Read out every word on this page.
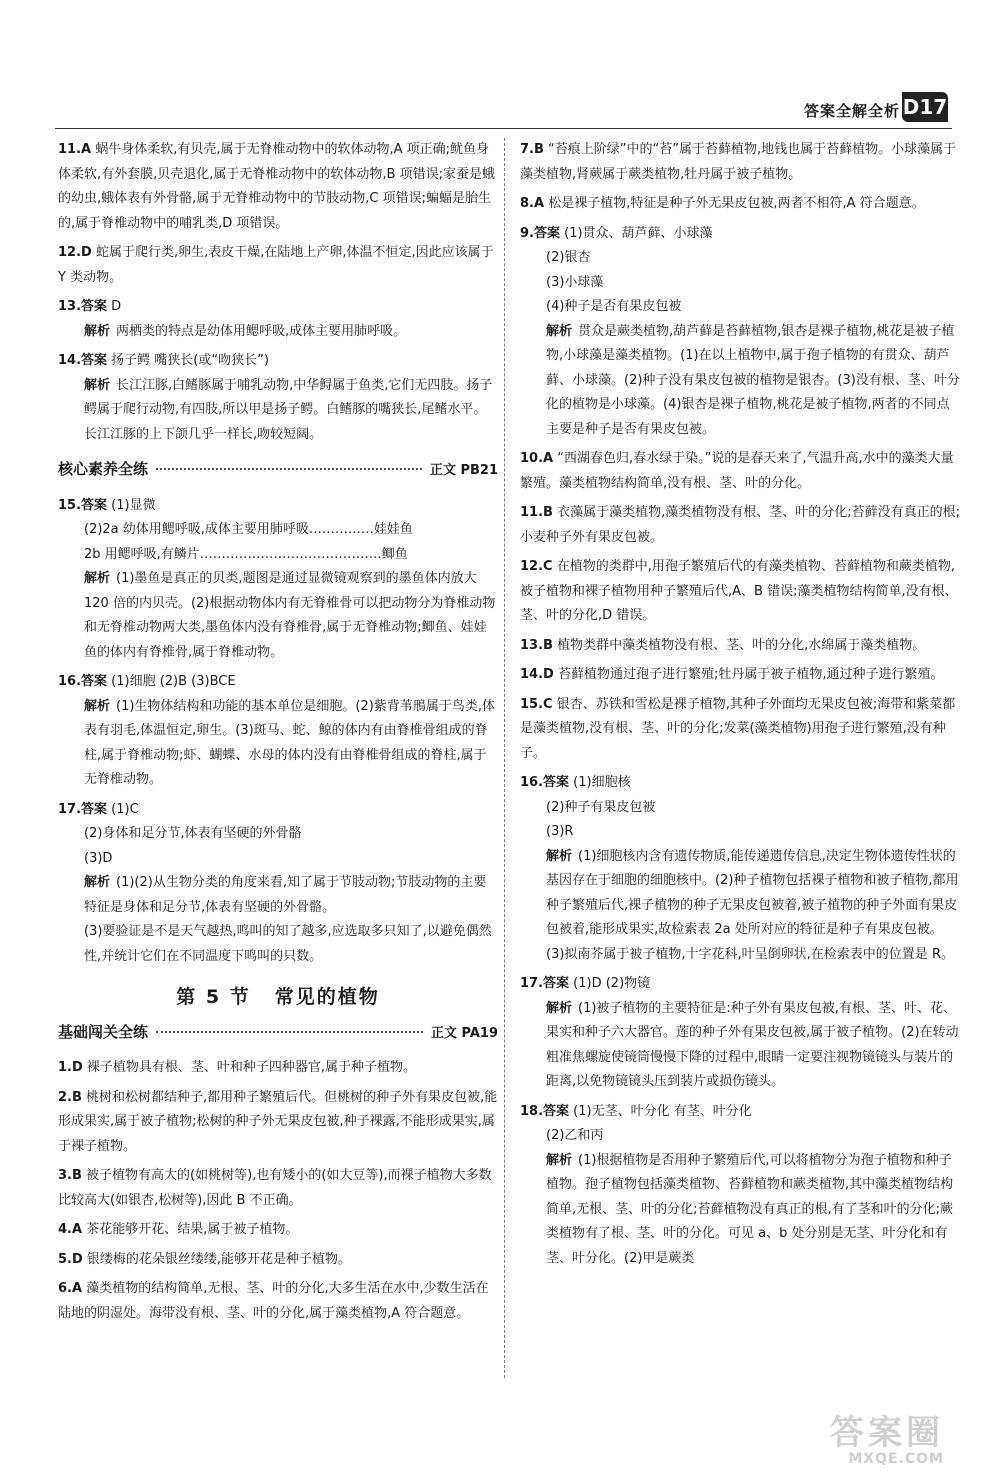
答案全解全析 D17

11.A 蜗牛身体柔软,有贝壳,属于无脊椎动物中的软体动物,A 项正确;鱿鱼身体柔软,有外套膜,贝壳退化,属于无脊椎动物中的软体动物,B 项错误;家蚕是蛾的幼虫,蛾体表有外骨骼,属于无脊椎动物中的节肢动物,C 项错误;蝙蝠是胎生的,属于脊椎动物中的哺乳类,D 项错误。

12.D 蛇属于爬行类,卵生,表皮干燥,在陆地上产卵,体温不恒定,因此应该属于 Y 类动物。

13.答案 D

解析 两栖类的特点是幼体用鳃呼吸,成体主要用肺呼吸。

14.答案 扬子鳄 嘴狭长(或“吻狭长”)

解析 长江江豚,白鳍豚属于哺乳动物,中华鲟属于鱼类,它们无四肢。扬子鳄属于爬行动物,有四肢,所以甲是扬子鳄。白鳍豚的嘴狭长,尾鳍水平。长江江豚的上下颌几乎一样长,吻较短阔。

核心素养全练	正文 PB21

15.答案 (1)显微

(2)2a 幼体用鳃呼吸,成体主要用肺呼吸……………娃娃鱼

2b 用鳃呼吸,有鳞片……………………………………鲫鱼

解析 (1)墨鱼是真正的贝类,题图是通过显微镜观察到的墨鱼体内放大 120 倍的内贝壳。(2)根据动物体内有无脊椎骨可以把动物分为脊椎动物和无脊椎动物两大类,墨鱼体内没有脊椎骨,属于无脊椎动物;鲫鱼、娃娃鱼的体内有脊椎骨,属于脊椎动物。

16.答案 (1)细胞 (2)B (3)BCE

解析 (1)生物体结构和功能的基本单位是细胞。(2)紫背苇鳽属于鸟类,体表有羽毛,体温恒定,卵生。(3)斑马、蛇、鲸的体内有由脊椎骨组成的脊柱,属于脊椎动物;虾、蝴蝶、水母的体内没有由脊椎骨组成的脊柱,属于无脊椎动物。

17.答案 (1)C

(2)身体和足分节,体表有坚硬的外骨骼

(3)D

解析 (1)(2)从生物分类的角度来看,知了属于节肢动物;节肢动物的主要特征是身体和足分节,体表有坚硬的外骨骼。

(3)要验证是不是天气越热,鸣叫的知了越多,应选取多只知了,以避免偶然性,并统计它们在不同温度下鸣叫的只数。

第 5 节 常见的植物
基础闯关全练	正文 PA19

1.D 裸子植物具有根、茎、叶和种子四种器官,属于种子植物。

2.B 桃树和松树都结种子,都用种子繁殖后代。但桃树的种子外有果皮包被,能形成果实,属于被子植物;松树的种子外无果皮包被,种子裸露,不能形成果实,属于裸子植物。

3.B 被子植物有高大的(如桃树等),也有矮小的(如大豆等),而裸子植物大多数比较高大(如银杏,松树等),因此 B 不正确。

4.A 茶花能够开花、结果,属于被子植物。

5.D 银缕梅的花朵银丝缕缕,能够开花是种子植物。

6.A 藻类植物的结构简单,无根、茎、叶的分化,大多生活在水中,少数生活在陆地的阴湿处。海带没有根、茎、叶的分化,属于藻类植物,A 符合题意。

7.B “苔痕上阶绿”中的“苔”属于苔藓植物,地钱也属于苔藓植物。小球藻属于藻类植物,肾蕨属于蕨类植物,牡丹属于被子植物。

8.A 松是裸子植物,特征是种子外无果皮包被,两者不相符,A 符合题意。

9.答案 (1)贯众、葫芦藓、小球藻

(2)银杏

(3)小球藻

(4)种子是否有果皮包被

解析 贯众是蕨类植物,葫芦藓是苔藓植物,银杏是裸子植物,桃花是被子植物,小球藻是藻类植物。(1)在以上植物中,属于孢子植物的有贯众、葫芦藓、小球藻。(2)种子没有果皮包被的植物是银杏。(3)没有根、茎、叶分化的植物是小球藻。(4)银杏是裸子植物,桃花是被子植物,两者的不同点主要是种子是否有果皮包被。

10.A “西湖春色归,春水绿于染。”说的是春天来了,气温升高,水中的藻类大量繁殖。藻类植物结构简单,没有根、茎、叶的分化。

11.B 衣藻属于藻类植物,藻类植物没有根、茎、叶的分化;苔藓没有真正的根;小麦种子外有果皮包被。

12.C 在植物的类群中,用孢子繁殖后代的有藻类植物、苔藓植物和蕨类植物,被子植物和裸子植物用种子繁殖后代,A、B 错误;藻类植物结构简单,没有根、茎、叶的分化,D 错误。

13.B 植物类群中藻类植物没有根、茎、叶的分化,水绵属于藻类植物。

14.D 苔藓植物通过孢子进行繁殖;牡丹属于被子植物,通过种子进行繁殖。

15.C 银杏、苏铁和雪松是裸子植物,其种子外面均无果皮包被;海带和紫菜都是藻类植物,没有根、茎、叶的分化;发菜(藻类植物)用孢子进行繁殖,没有种子。

16.答案 (1)细胞核

(2)种子有果皮包被

(3)R

解析 (1)细胞核内含有遗传物质,能传递遗传信息,决定生物体遗传性状的基因存在于细胞的细胞核中。(2)种子植物包括裸子植物和被子植物,都用种子繁殖后代,裸子植物的种子无果皮包被着,被子植物的种子外面有果皮包被着,能形成果实,故检索表 2a 处所对应的特征是种子有果皮包被。(3)拟南芥属于被子植物,十字花科,叶呈倒卵状,在检索表中的位置是 R。

17.答案 (1)D (2)物镜

解析 (1)被子植物的主要特征是:种子外有果皮包被,有根、茎、叶、花、果实和种子六大器官。莲的种子外有果皮包被,属于被子植物。(2)在转动粗准焦螺旋使镜筒慢慢下降的过程中,眼睛一定要注视物镜镜头与装片的距离,以免物镜镜头压到装片或损伤镜头。

18.答案 (1)无茎、叶分化 有茎、叶分化

(2)乙和丙

解析 (1)根据植物是否用种子繁殖后代,可以将植物分为孢子植物和种子植物。孢子植物包括藻类植物、苔藓植物和蕨类植物,其中藻类植物结构简单,无根、茎、叶的分化;苔藓植物没有真正的根,有了茎和叶的分化;蕨类植物有了根、茎、叶的分化。可见 a、b 处分别是无茎、叶分化和有茎、叶分化。(2)甲是蕨类

答案圈
MXQE.COM
